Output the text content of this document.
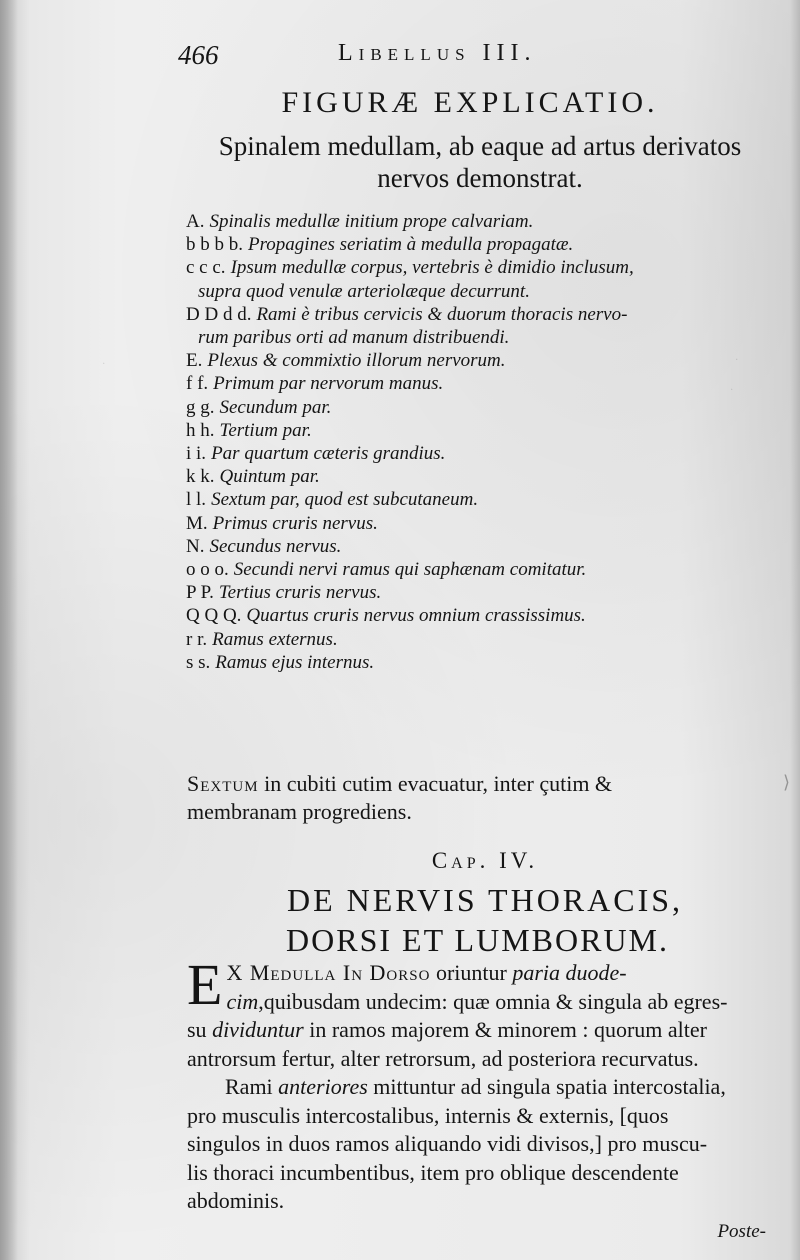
·	·
·
⟩
466	Libellus III.
FIGURÆ EXPLICATIO.
Spinalem medullam, ab eaque ad artus derivatos
nervos demonstrat.
A. Spinalis medullæ initium prope calvariam.
b b b b. Propagines seriatim à medulla propagatæ.
c c c. Ipsum medullæ corpus, vertebris è dimidio inclusum,
supra quod venulæ arteriolæque decurrunt.
D D d d. Rami è tribus cervicis & duorum thoracis nervo-
rum paribus orti ad manum distribuendi.
E. Plexus & commixtio illorum nervorum.
f f. Primum par nervorum manus.
g g. Secundum par.
h h. Tertium par.
i i. Par quartum cæteris grandius.
k k. Quintum par.
l l. Sextum par, quod est subcutaneum.
M. Primus cruris nervus.
N. Secundus nervus.
o o o. Secundi nervi ramus qui saphænam comitatur.
P P. Tertius cruris nervus.
Q Q Q. Quartus cruris nervus omnium crassissimus.
r r. Ramus externus.
s s. Ramus ejus internus.
Sextum in cubiti cutim evacuatur, inter çutim &
membranam progrediens.
Cap. IV.
DE NERVIS THORACIS,
DORSI ET LUMBORUM.
E X Medulla In Dorso oriuntur paria duode-
cim,quibusdam undecim: quæ omnia & singula ab egres-
su dividuntur in ramos majorem & minorem : quorum alter
antrorsum fertur, alter retrorsum, ad posteriora recurvatus.
Rami anteriores mittuntur ad singula spatia intercostalia,
pro musculis intercostalibus, internis & externis, [quos
singulos in duos ramos aliquando vidi divisos,] pro muscu-
lis thoraci incumbentibus, item pro oblique descendente
abdominis.
Poste-
